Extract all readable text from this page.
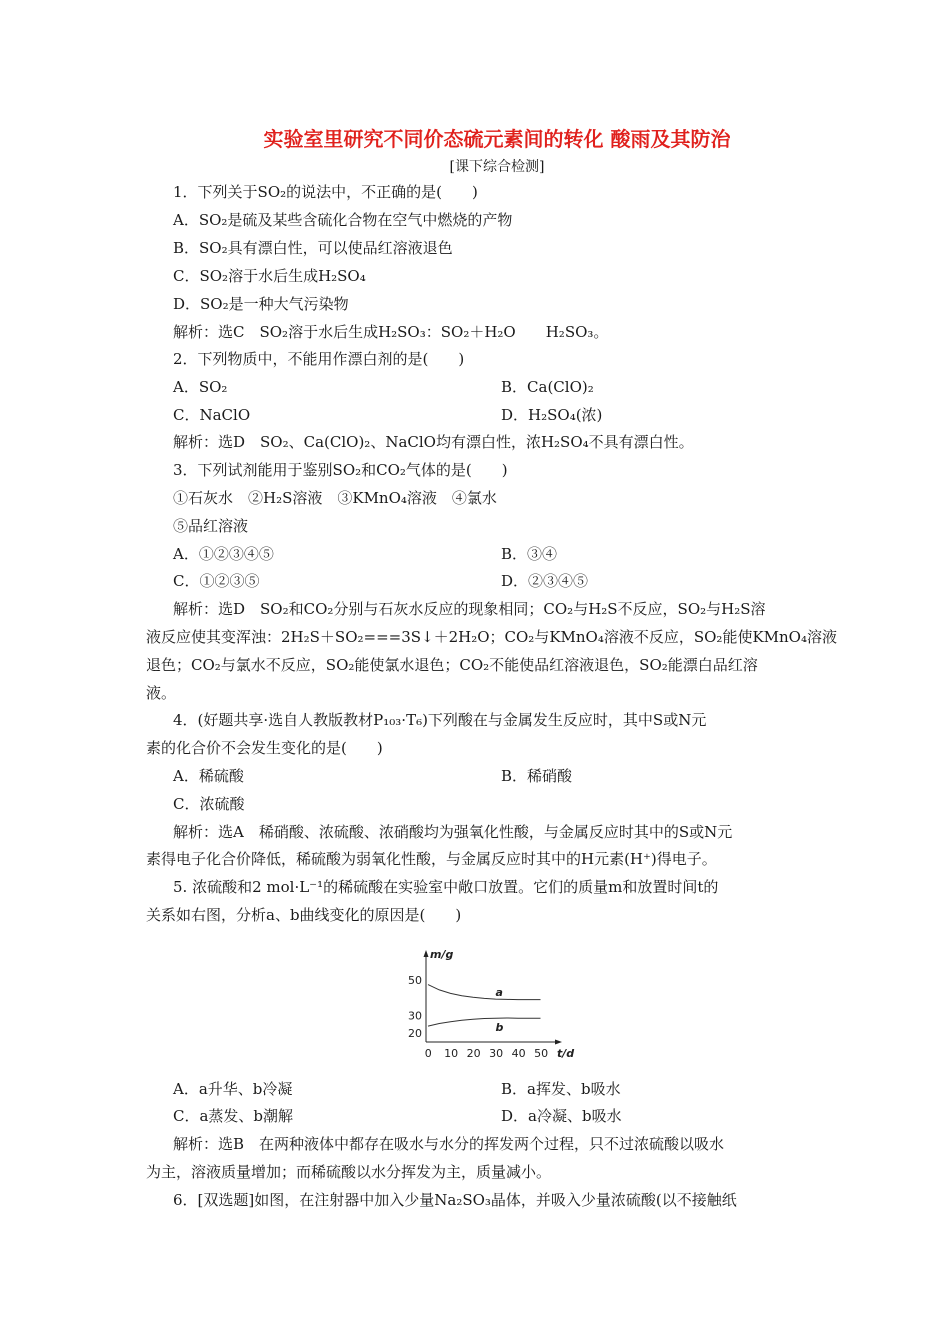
实验室里研究不同价态硫元素间的转化 酸雨及其防治
[课下综合检测]
1．下列关于SO₂的说法中，不正确的是(　　)
A．SO₂是硫及某些含硫化合物在空气中燃烧的产物
B．SO₂具有漂白性，可以使品红溶液退色
C．SO₂溶于水后生成H₂SO₄
D．SO₂是一种大气污染物
解析：选C　SO₂溶于水后生成H₂SO₃：SO₂＋H₂O　　H₂SO₃。
2．下列物质中，不能用作漂白剂的是(　　)
A．SO₂	B．Ca(ClO)₂
C．NaClO	D．H₂SO₄(浓)
解析：选D　SO₂、Ca(ClO)₂、NaClO均有漂白性，浓H₂SO₄不具有漂白性。
3．下列试剂能用于鉴别SO₂和CO₂气体的是(　　)
①石灰水　②H₂S溶液　③KMnO₄溶液　④氯水
⑤品红溶液
A．①②③④⑤	B．③④
C．①②③⑤	D．②③④⑤
解析：选D　SO₂和CO₂分别与石灰水反应的现象相同；CO₂与H₂S不反应，SO₂与H₂S溶
液反应使其变浑浊：2H₂S＋SO₂===3S↓＋2H₂O；CO₂与KMnO₄溶液不反应，SO₂能使KMnO₄溶液
退色；CO₂与氯水不反应，SO₂能使氯水退色；CO₂不能使品红溶液退色，SO₂能漂白品红溶
液。
4．(好题共享·选自人教版教材P₁₀₃·T₆)下列酸在与金属发生反应时，其中S或N元
素的化合价不会发生变化的是(　　)
A．稀硫酸	B．稀硝酸
C．浓硫酸
解析：选A　稀硝酸、浓硫酸、浓硝酸均为强氧化性酸，与金属反应时其中的S或N元
素得电子化合价降低，稀硫酸为弱氧化性酸，与金属反应时其中的H元素(H⁺)得电子。
5. 浓硫酸和2 mol·L⁻¹的稀硫酸在实验室中敞口放置。它们的质量m和放置时间t的
关系如右图，分析a、b曲线变化的原因是(　　)
0 10 20 30 40 50
20
30
50
a
b
m/g
t/d
A．a升华、b冷凝	B．a挥发、b吸水
C．a蒸发、b潮解	D．a冷凝、b吸水
解析：选B　在两种液体中都存在吸水与水分的挥发两个过程，只不过浓硫酸以吸水
为主，溶液质量增加；而稀硫酸以水分挥发为主，质量减小。
6．[双选题]如图，在注射器中加入少量Na₂SO₃晶体，并吸入少量浓硫酸(以不接触纸
